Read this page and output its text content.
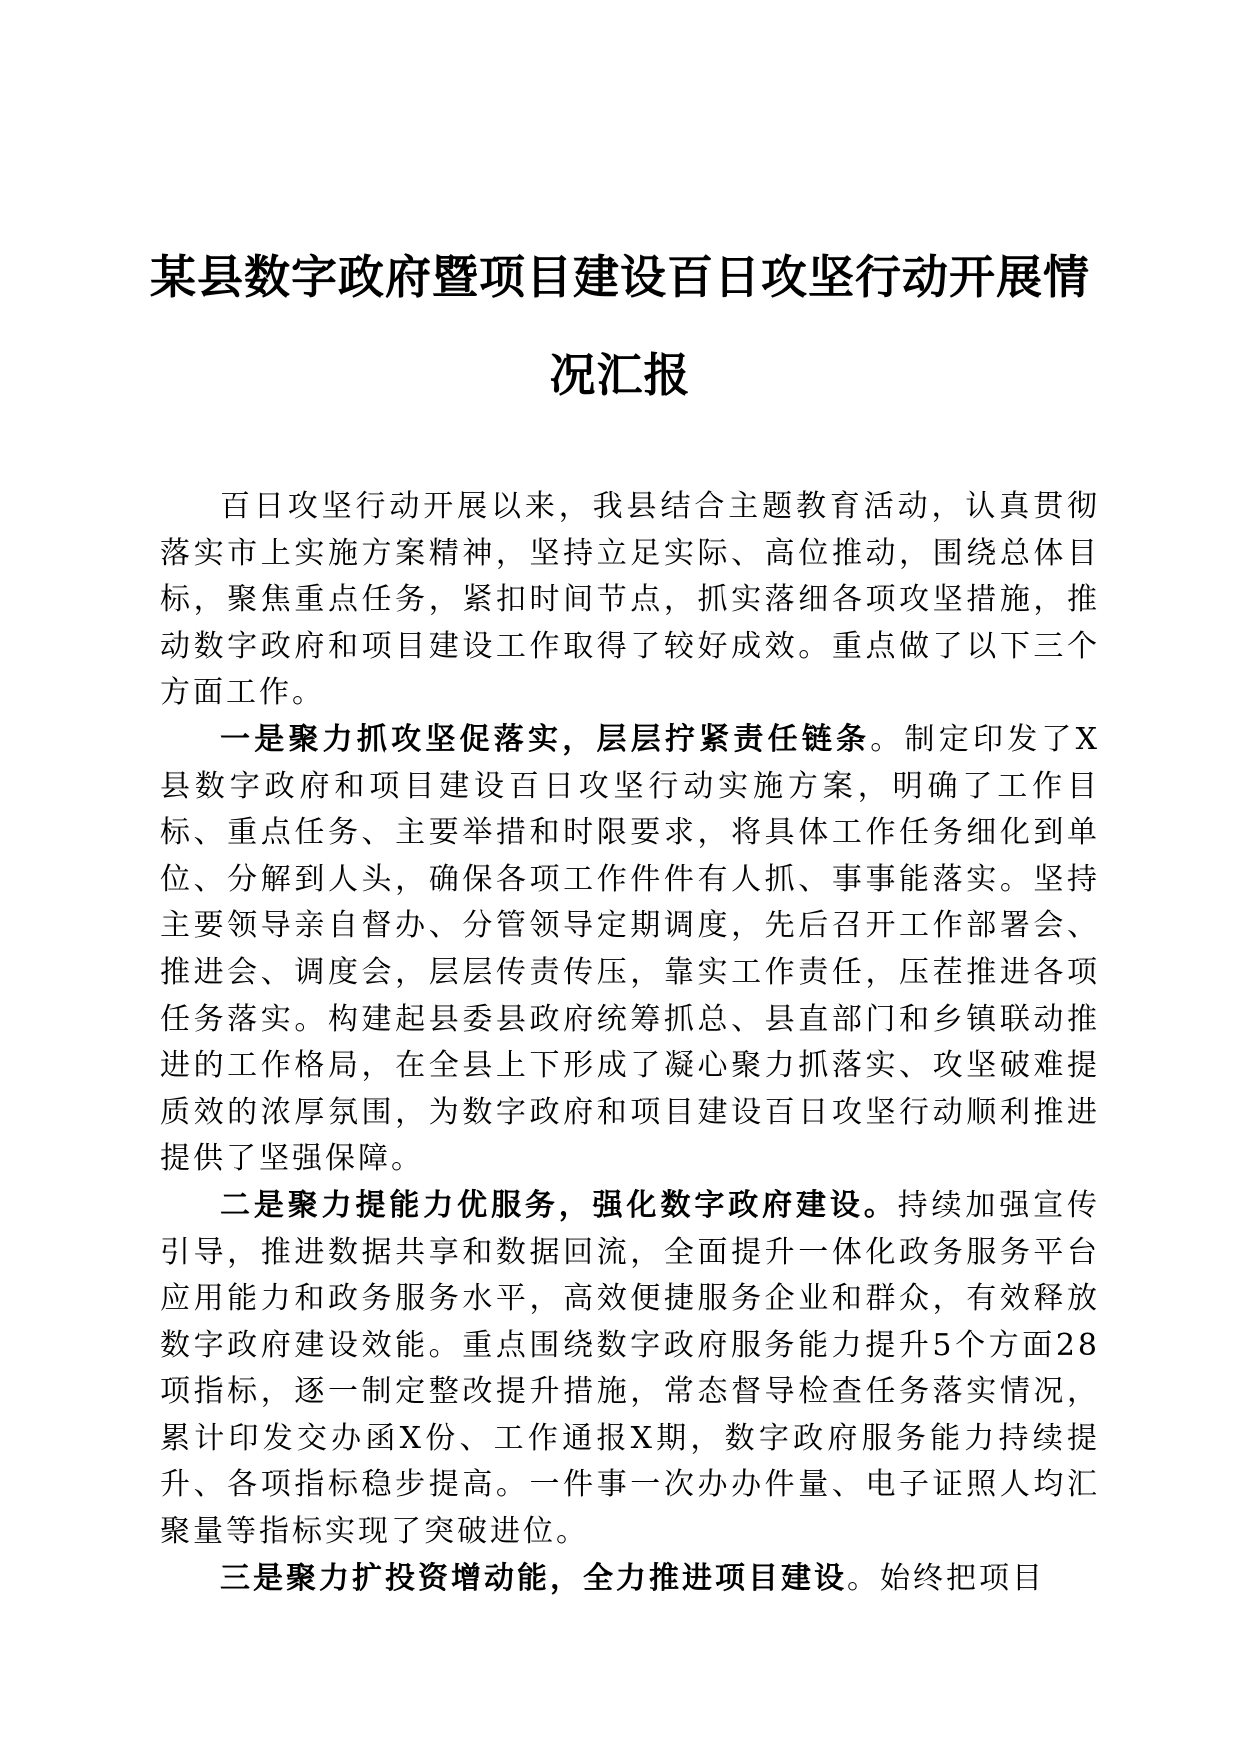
某县数字政府暨项目建设百日攻坚行动开展情
况汇报

百日攻坚行动开展以来，我县结合主题教育活动，认真贯彻落实市上实施方案精神，坚持立足实际、高位推动，围绕总体目标，聚焦重点任务，紧扣时间节点，抓实落细各项攻坚措施，推动数字政府和项目建设工作取得了较好成效。重点做了以下三个方面工作。

一是聚力抓攻坚促落实，层层拧紧责任链条。制定印发了X县数字政府和项目建设百日攻坚行动实施方案，明确了工作目标、重点任务、主要举措和时限要求，将具体工作任务细化到单位、分解到人头，确保各项工作件件有人抓、事事能落实。坚持主要领导亲自督办、分管领导定期调度，先后召开工作部署会、推进会、调度会，层层传责传压，靠实工作责任，压茬推进各项任务落实。构建起县委县政府统筹抓总、县直部门和乡镇联动推进的工作格局，在全县上下形成了凝心聚力抓落实、攻坚破难提质效的浓厚氛围，为数字政府和项目建设百日攻坚行动顺利推进提供了坚强保障。

二是聚力提能力优服务，强化数字政府建设。持续加强宣传引导，推进数据共享和数据回流，全面提升一体化政务服务平台应用能力和政务服务水平，高效便捷服务企业和群众，有效释放数字政府建设效能。重点围绕数字政府服务能力提升5个方面28项指标，逐一制定整改提升措施，常态督导检查任务落实情况，累计印发交办函X份、工作通报X期，数字政府服务能力持续提升、各项指标稳步提高。一件事一次办办件量、电子证照人均汇聚量等指标实现了突破进位。

三是聚力扩投资增动能，全力推进项目建设。始终把项目
